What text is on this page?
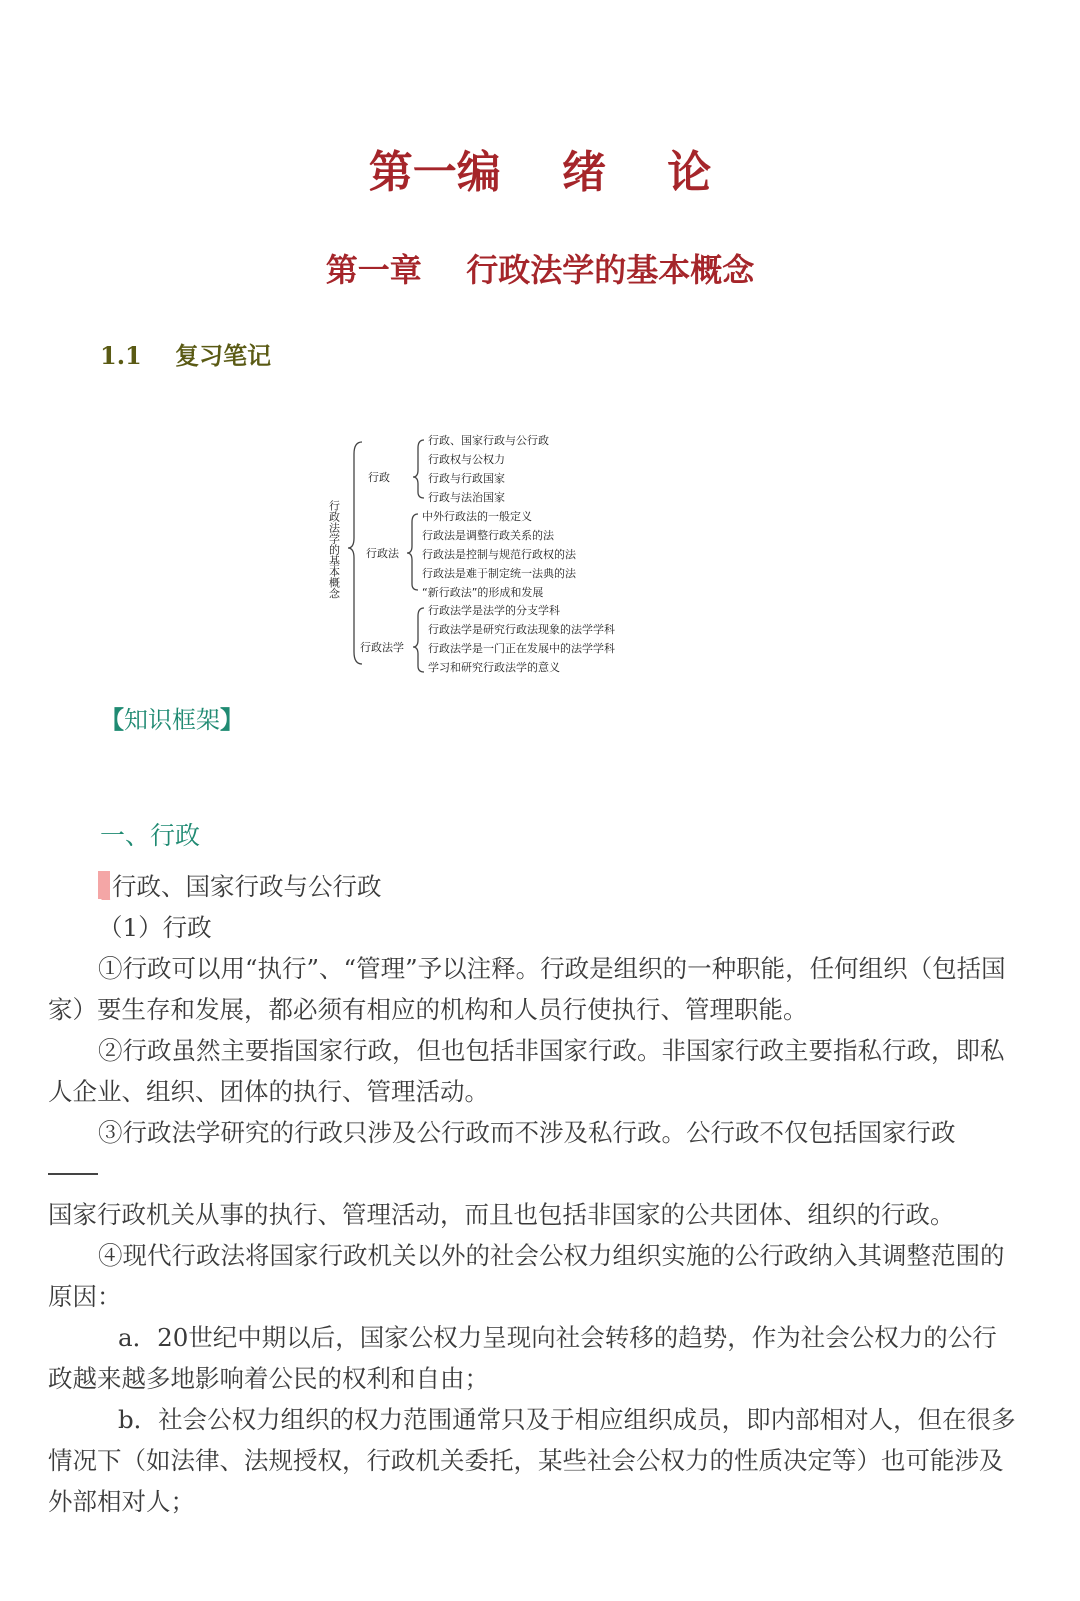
第一编    绪    论
第一章    行政法学的基本概念
1.1    复习笔记
行政法学的基本概念
行政
行政、国家行政与公行政
行政权与公权力
行政与行政国家
行政与法治国家
行政法
中外行政法的一般定义
行政法是调整行政关系的法
行政法是控制与规范行政权的法
行政法是难于制定统一法典的法
“新行政法”的形成和发展
行政法学
行政法学是法学的分支学科
行政法学是研究行政法现象的法学学科
行政法学是一门正在发展中的法学学科
学习和研究行政法学的意义
【知识框架】
一、行政

1行政、国家行政与公行政

（1）行政

①行政可以用“执行”、“管理”予以注释。行政是组织的一种职能，任何组织（包括国家）要生存和发展，都必须有相应的机构和人员行使执行、管理职能。

②行政虽然主要指国家行政，但也包括非国家行政。非国家行政主要指私行政，即私人企业、组织、团体的执行、管理活动。

③行政法学研究的行政只涉及公行政而不涉及私行政。公行政不仅包括国家行政

国家行政机关从事的执行、管理活动，而且也包括非国家的公共团体、组织的行政。

④现代行政法将国家行政机关以外的社会公权力组织实施的公行政纳入其调整范围的原因：

a．20世纪中期以后，国家公权力呈现向社会转移的趋势，作为社会公权力的公行政越来越多地影响着公民的权利和自由；

b．社会公权力组织的权力范围通常只及于相应组织成员，即内部相对人，但在很多情况下（如法律、法规授权，行政机关委托，某些社会公权力的性质决定等）也可能涉及外部相对人；
